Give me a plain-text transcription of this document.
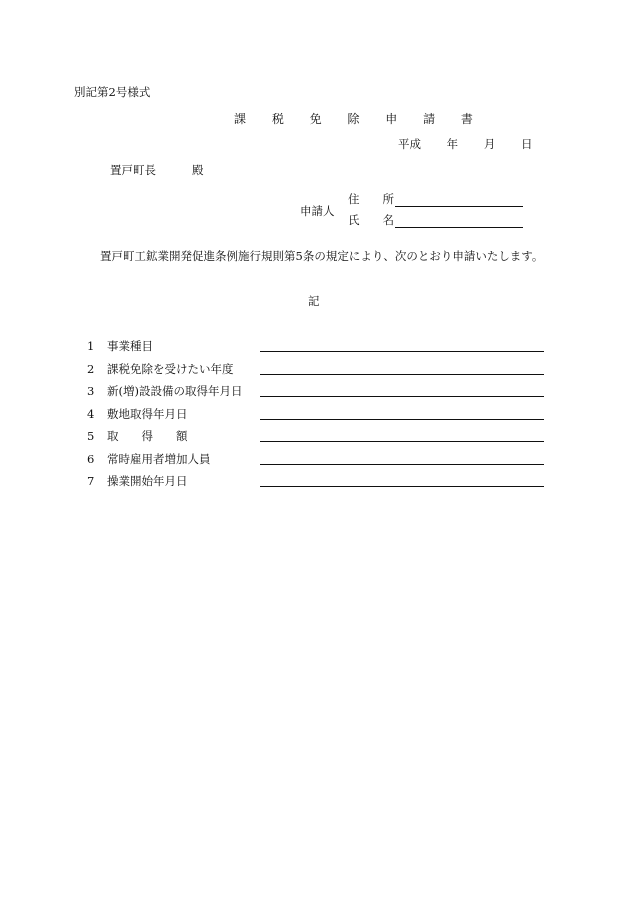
別記第2号様式
課 税 免 除 申 請 書
平成 年 月 日
置戸町長	殿
申請人
住　　所
氏　　名
置戸町工鉱業開発促進条例施行規則第5条の規定により、次のとおり申請いたします。
記
1 事業種目
2 課税免除を受けたい年度
3 新(増)設設備の取得年月日
4 敷地取得年月日
5 取　　得　　額
6 常時雇用者増加人員
7 操業開始年月日
